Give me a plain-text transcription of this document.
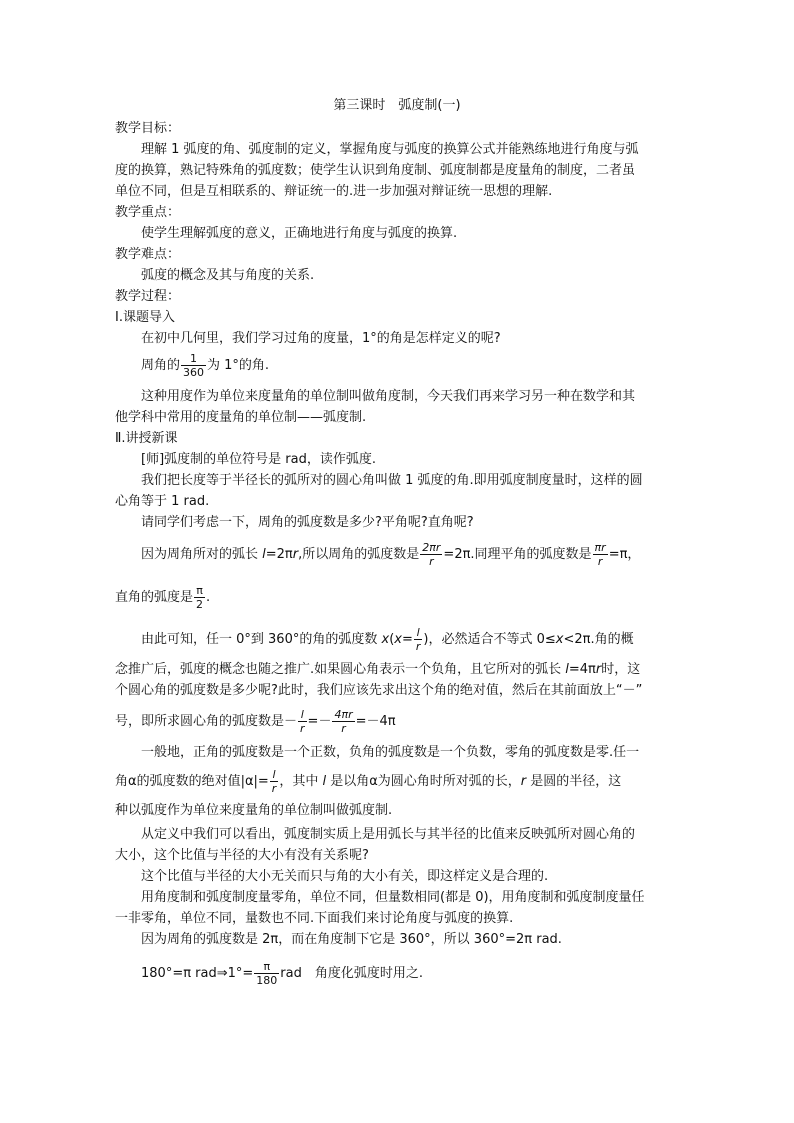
第三课时　弧度制(一)
教学目标：
理解 1 弧度的角、弧度制的定义，掌握角度与弧度的换算公式并能熟练地进行角度与弧
度的换算，熟记特殊角的弧度数；使学生认识到角度制、弧度制都是度量角的制度，二者虽
单位不同，但是互相联系的、辩证统一的.进一步加强对辩证统一思想的理解.
教学重点：
使学生理解弧度的意义，正确地进行角度与弧度的换算.
教学难点：
弧度的概念及其与角度的关系.
教学过程：
Ⅰ.课题导入
在初中几何里，我们学习过角的度量，1°的角是怎样定义的呢?
周角的 $\frac{1}{360}$ 为 1°的角.
这种用度作为单位来度量角的单位制叫做角度制，今天我们再来学习另一种在数学和其
他学科中常用的度量角的单位制——弧度制.
Ⅱ.讲授新课
[师]弧度制的单位符号是 rad，读作弧度.
我们把长度等于半径长的弧所对的圆心角叫做 1 弧度的角.即用弧度制度量时，这样的圆
心角等于 1 rad.
请同学们考虑一下，周角的弧度数是多少?平角呢?直角呢?
因为周角所对的弧长 l=2πr,所以周角的弧度数是 $\frac{2\pi r}{r} =2\pi$.同理平角的弧度数是 $\frac{\pi r}{r} =\pi$，
直角的弧度是 $\frac{\pi}{2}$ .
由此可知，任一 0°到 360°的角的弧度数 $x(x= \frac{l}{r}$ )，必然适合不等式 0≤x<2π.角的概
念推广后，弧度的概念也随之推广.如果圆心角表示一个负角，且它所对的弧长 l=4πr时，这
个圆心角的弧度数是多少呢?此时，我们应该先求出这个角的绝对值，然后在其前面放上“－”
号，即所求圆心角的弧度数是－ $\frac{l}{r} =- \frac{4\pi r}{r} =-4\pi$
一般地，正角的弧度数是一个正数，负角的弧度数是一个负数，零角的弧度数是零.任一
角α的弧度数的绝对值$|\alpha|= \frac{l}{r}$ ，其中 l 是以角α为圆心角时所对弧的长，r 是圆的半径，这
种以弧度作为单位来度量角的单位制叫做弧度制.
从定义中我们可以看出，弧度制实质上是用弧长与其半径的比值来反映弧所对圆心角的
大小，这个比值与半径的大小有没有关系呢?
这个比值与半径的大小无关而只与角的大小有关，即这样定义是合理的.
用角度制和弧度制度量零角，单位不同，但量数相同(都是 0)，用角度制和弧度制度量任
一非零角，单位不同，量数也不同.下面我们来讨论角度与弧度的换算.
因为周角的弧度数是 2π，而在角度制下它是 360°，所以 360°=2π rad.
180°=π rad⇒1°= $\frac{\pi}{180}$ rad　角度化弧度时用之.
